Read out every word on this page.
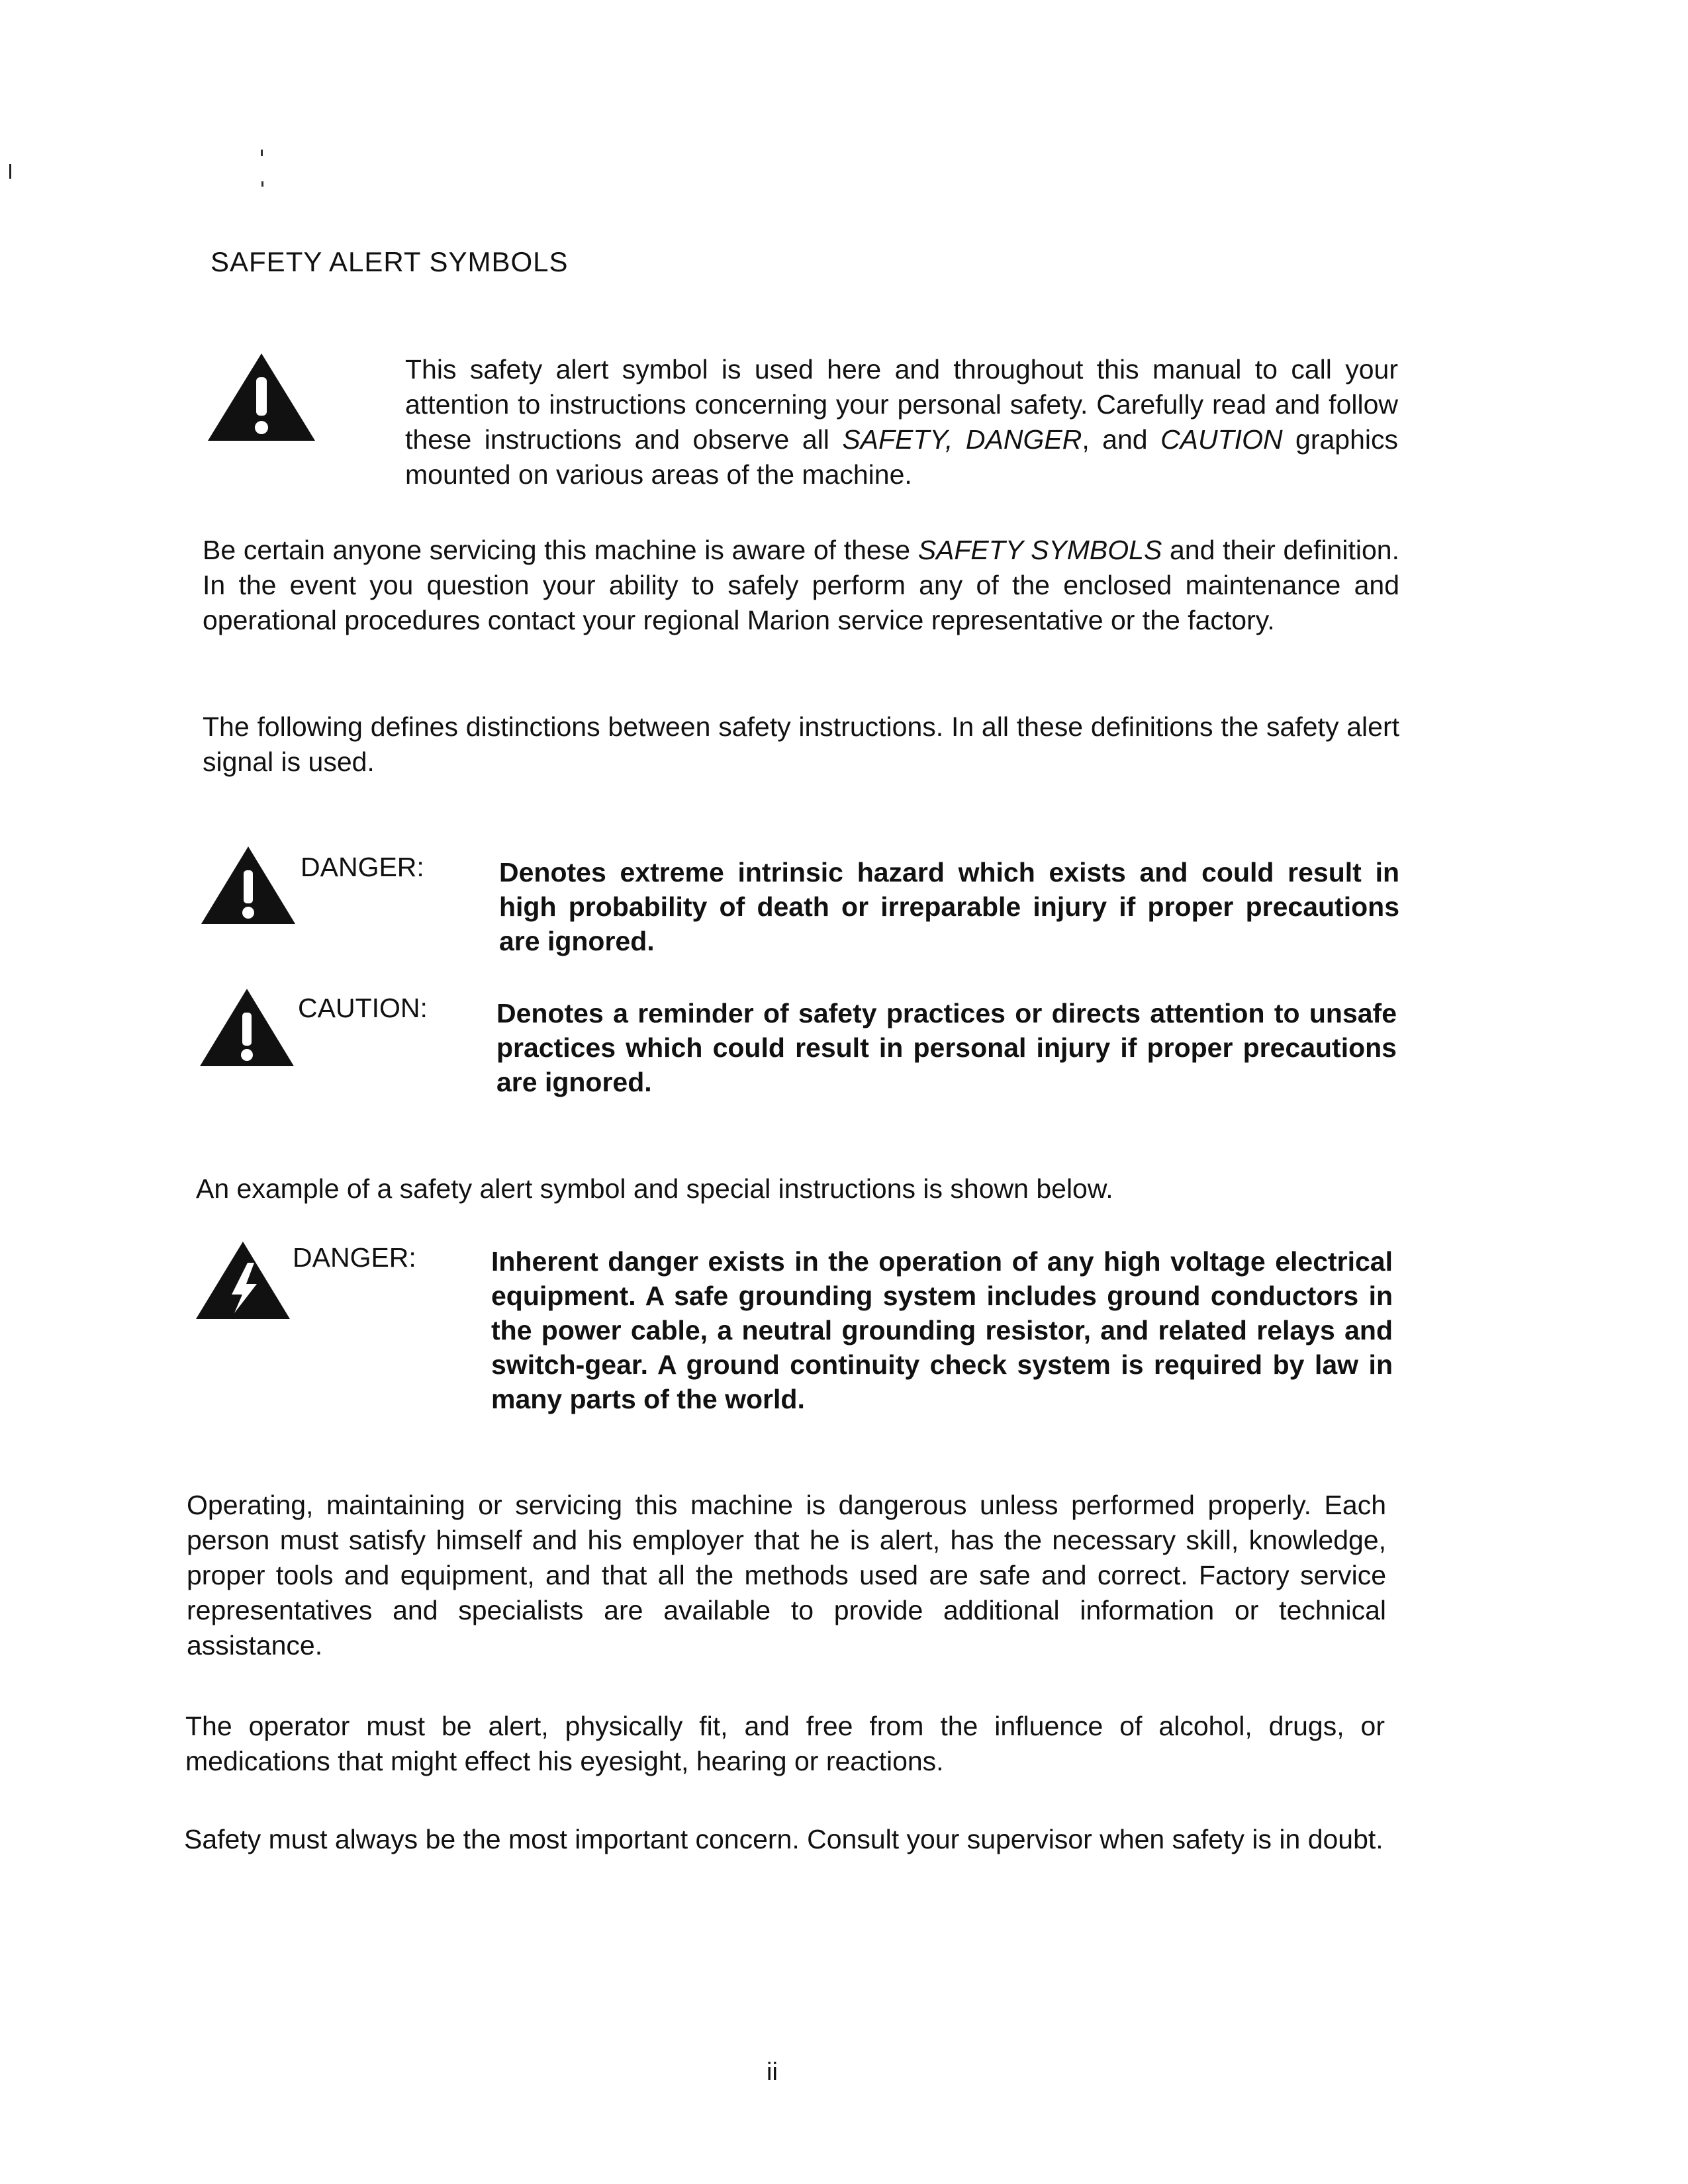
SAFETY ALERT SYMBOLS

This safety alert symbol is used here and throughout this manual to call your attention to instructions concerning your personal safety. Carefully read and follow these instructions and observe all SAFETY, DANGER, and CAUTION graphics mounted on various areas of the machine.

Be certain anyone servicing this machine is aware of these SAFETY SYMBOLS and their definition. In the event you question your ability to safely perform any of the enclosed maintenance and operational procedures contact your regional Marion service representative or the factory.

The following defines distinctions between safety instructions. In all these definitions the safety alert signal is used.

DANGER:	Denotes extreme intrinsic hazard which exists and could result in high probability of death or irreparable injury if proper precautions are ignored.

CAUTION:	Denotes a reminder of safety practices or directs attention to unsafe practices which could result in personal injury if proper precautions are ignored.

An example of a safety alert symbol and special instructions is shown below.

DANGER:	Inherent danger exists in the operation of any high voltage electrical equipment. A safe grounding system includes ground conductors in the power cable, a neutral grounding resistor, and related relays and switch-gear. A ground continuity check system is required by law in many parts of the world.

Operating, maintaining or servicing this machine is dangerous unless performed properly. Each person must satisfy himself and his employer that he is alert, has the necessary skill, knowledge, proper tools and equipment, and that all the methods used are safe and correct. Factory service representatives and specialists are available to provide additional information or technical assistance.

The operator must be alert, physically fit, and free from the influence of alcohol, drugs, or medications that might effect his eyesight, hearing or reactions.

Safety must always be the most important concern. Consult your supervisor when safety is in doubt.

ii
